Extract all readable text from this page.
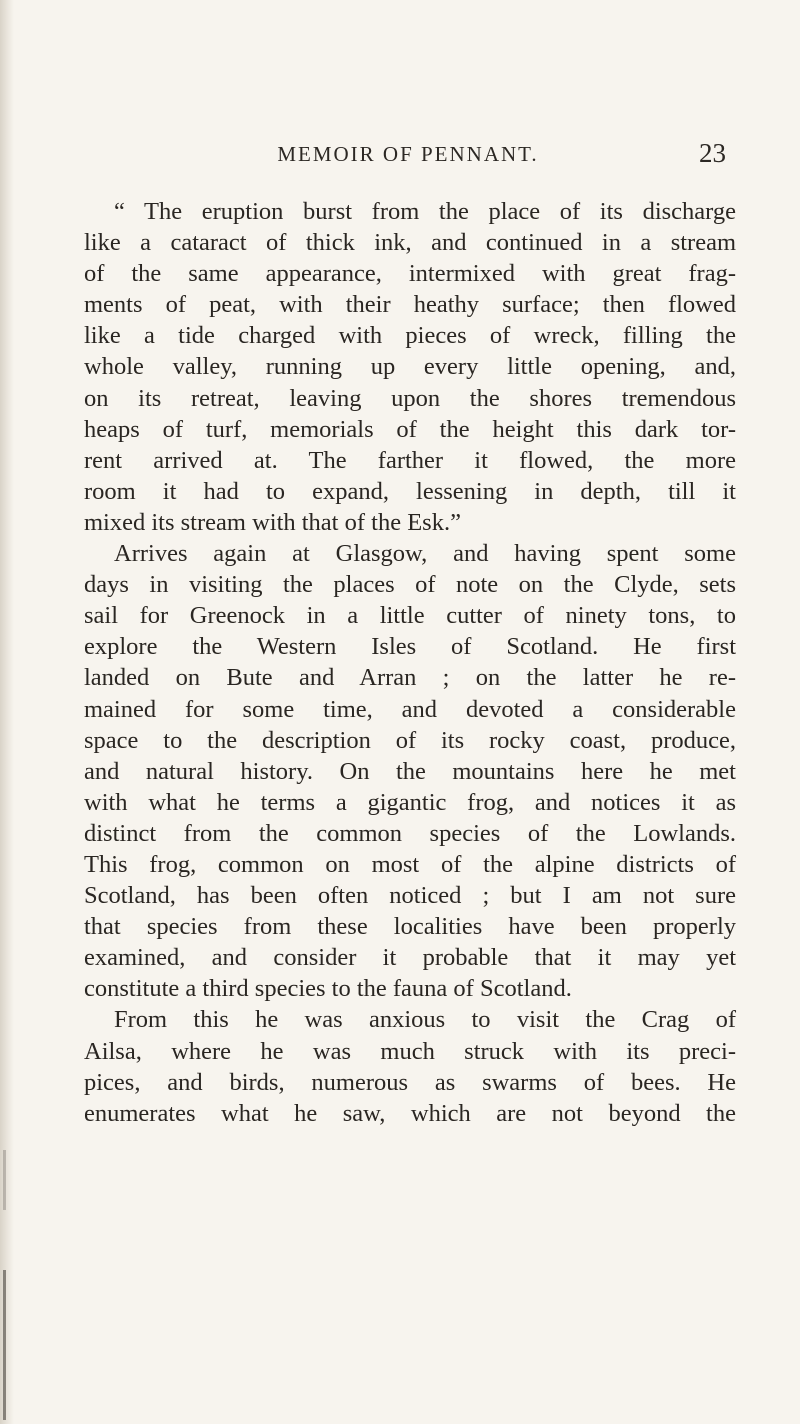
MEMOIR OF PENNANT.	23
“ The eruption burst from the place of its discharge
like a cataract of thick ink, and continued in a stream
of the same appearance, intermixed with great frag-
ments of peat, with their heathy surface; then flowed
like a tide charged with pieces of wreck, filling the
whole valley, running up every little opening, and,
on its retreat, leaving upon the shores tremendous
heaps of turf, memorials of the height this dark tor-
rent arrived at. The farther it flowed, the more
room it had to expand, lessening in depth, till it
mixed its stream with that of the Esk.”
Arrives again at Glasgow, and having spent some
days in visiting the places of note on the Clyde, sets
sail for Greenock in a little cutter of ninety tons, to
explore the Western Isles of Scotland. He first
landed on Bute and Arran ; on the latter he re-
mained for some time, and devoted a considerable
space to the description of its rocky coast, produce,
and natural history. On the mountains here he met
with what he terms a gigantic frog, and notices it as
distinct from the common species of the Lowlands.
This frog, common on most of the alpine districts of
Scotland, has been often noticed ; but I am not sure
that species from these localities have been properly
examined, and consider it probable that it may yet
constitute a third species to the fauna of Scotland.
From this he was anxious to visit the Crag of
Ailsa, where he was much struck with its preci-
pices, and birds, numerous as swarms of bees. He
enumerates what he saw, which are not beyond the
